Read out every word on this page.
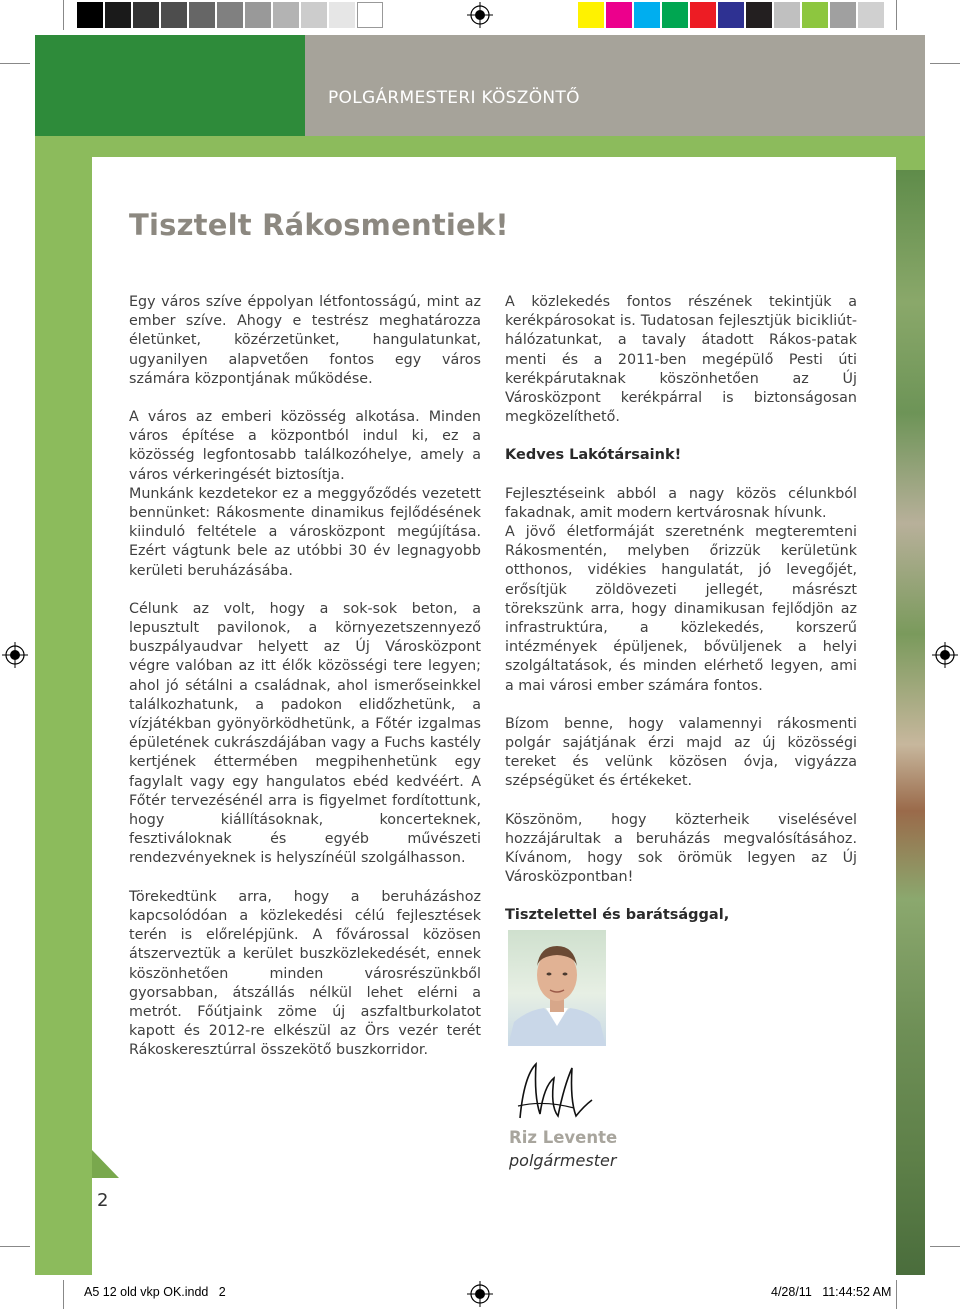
POLGÁRMESTERI KÖSZÖNTŐ
2
Tisztelt Rákosmentiek!

Egy város szíve éppolyan létfontosságú, mint az ember szíve. Ahogy e testrész meghatározza életünket, közérzetünket, hangulatunkat, ugyanilyen alapvetően fontos egy város számára központjának működése.

A város az emberi közösség alkotása. Minden város építése a központból indul ki, ez a közösség legfontosabb találkozóhelye, amely a város vérkeringését biztosítja.

Munkánk kezdetekor ez a meggyőződés vezetett bennünket: Rákosmente dinamikus fejlődésének kiinduló feltétele a városközpont megújítása. Ezért vágtunk bele az utóbbi 30 év legnagyobb kerületi beruházásába.

Célunk az volt, hogy a sok-sok beton, a lepusztult pavilonok, a környezetszennyező buszpályaudvar helyett az Új Városközpont végre valóban az itt élők közösségi tere legyen; ahol jó sétálni a családnak, ahol ismerőseinkkel találkozhatunk, a padokon elidőzhetünk, a vízjátékban gyönyörködhetünk, a Főtér izgalmas épületének cukrászdájában vagy a Fuchs kastély kertjének éttermében megpihenhetünk egy fagylalt vagy egy hangulatos ebéd kedvéért. A Főtér tervezésénél arra is figyelmet fordítottunk, hogy kiállításoknak, koncerteknek, fesztiváloknak és egyéb művészeti rendezvényeknek is helyszínéül szolgálhasson.

Törekedtünk arra, hogy a beruházáshoz kapcsolódóan a közlekedési célú fejlesztések terén is előrelépjünk. A fővárossal közösen átszerveztük a kerület buszközlekedését, ennek köszönhetően minden városrészünkből gyorsabban, átszállás nélkül lehet elérni a metrót. Főútjaink zöme új aszfaltburkolatot kapott és 2012-re elkészül az Örs vezér terét Rákoskeresztúrral összekötő buszkorridor.

A közlekedés fontos részének tekintjük a kerékpárosokat is. Tudatosan fejlesztjük bicikliút-hálózatunkat, a tavaly átadott Rákos-patak menti és a 2011-ben megépülő Pesti úti kerékpárutaknak köszönhetően az Új Városközpont kerékpárral is biztonságosan megközelíthető.

Kedves Lakótársaink!

Fejlesztéseink abból a nagy közös célunkból fakadnak, amit modern kertvárosnak hívunk.

A jövő életformáját szeretnénk megteremteni Rákosmentén, melyben őrizzük kerületünk otthonos, vidékies hangulatát, jó levegőjét, erősítjük zöldövezeti jellegét, másrészt törekszünk arra, hogy dinamikusan fejlődjön az infrastruktúra, a közlekedés, korszerű intézmények épüljenek, bővüljenek a helyi szolgáltatások, és minden elérhető legyen, ami a mai városi ember számára fontos.

Bízom benne, hogy valamennyi rákosmenti polgár sajátjának érzi majd az új közösségi tereket és velünk közösen óvja, vigyázza szépségüket és értékeket.

Köszönöm, hogy közterheik viselésével hozzájárultak a beruházás megvalósításához. Kívánom, hogy sok örömük legyen az Új Városközpontban!

Tisztelettel és barátsággal,

Riz Levente
polgármester
A5 12 old vkp OK.indd   2	4/28/11   11:44:52 AM
